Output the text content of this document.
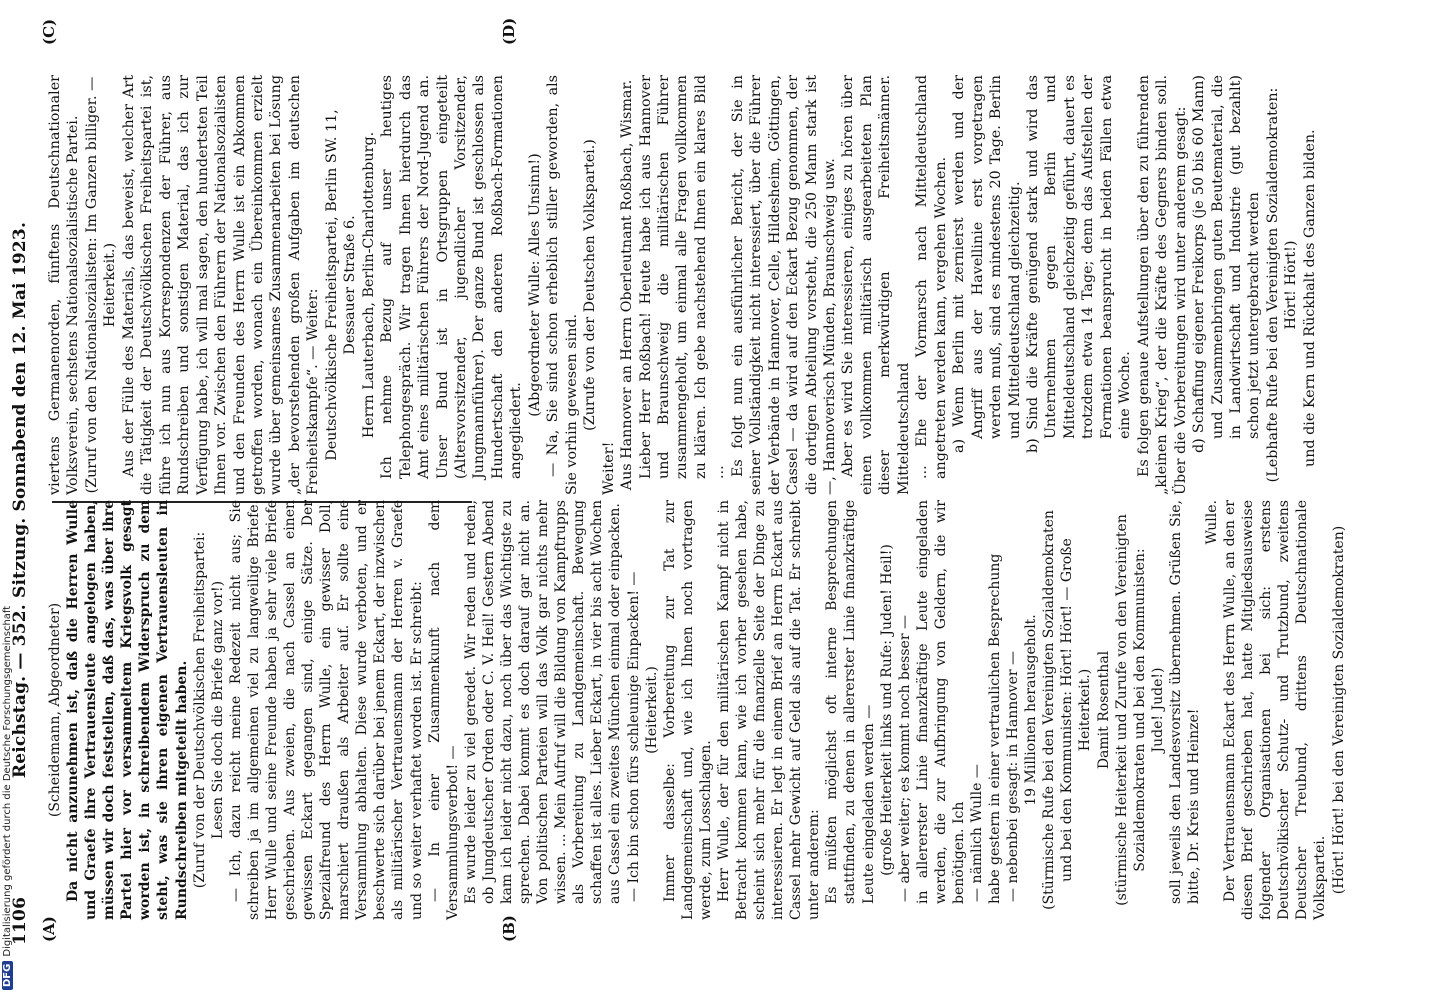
1106
Reichstag. — 352. Sitzung. Sonnabend den 12. Mai 1923.
(A)	(B)
(C)	(D)

(Scheidemann, Abgeordneter) Da nicht anzunehmen ist, daß die Herren Wulle und Graefe ihre Vertrauensleute angelogen haben, müssen wir doch feststellen, daß das, was über ihre Partei hier vor versammeltem Kriegsvolk gesagt worden ist, in schreibendem Widerspruch zu dem steht, was sie ihren eigenen Vertrauensleuten in Rundschreiben mitgeteilt haben. (Zuruf von der Deutschvölkischen Freiheitspartei: Lesen Sie doch die Briefe ganz vor!) — Ich, dazu reicht meine Redezeit nicht aus; Sie schreiben ja im allgemeinen viel zu langweilige Briefe. Herr Wulle und seine Freunde haben ja sehr viele Briefe geschrieben. Aus zweien, die nach Cassel an einen gewissen Eckart gegangen sind, einige Sätze. Der Spezialfreund des Herrn Wulle, ein gewisser Doll, marschiert draußen als Arbeiter auf. Er sollte eine Versammlung abhalten. Diese wurde verboten, und er beschwerte sich darüber bei jenem Eckart, der inzwischen als militärischer Vertrauensmann der Herren v. Graefe und so weiter verhaftet worden ist. Er schreibt: — In einer Zusammenkunft nach dem Versammlungsverbot! — Es wurde leider zu viel geredet. Wir reden und reden, ob Jungdeutscher Orden oder C. V. Heil! Gestern Abend kam ich leider nicht dazu, noch über das Wichtigste zu sprechen. Dabei kommt es doch darauf gar nicht an. Von politischen Parteien will das Volk gar nichts mehr wissen. ... Mein Aufruf will die Bildung von Kampftrupps als Vorbereitung zu Landgemeinschaft. Bewegung schaffen ist alles. Lieber Eckart, in vier bis acht Wochen aus Cassel ein zweites München einmal oder einpacken. — Ich bin schon fürs schleunige Einpacken! — (Heiterkeit.) Immer dasselbe: Vorbereitung zur Tat zur Landgemeinschaft und, wie ich Ihnen noch vortragen werde, zum Losschlagen. Herr Wulle, der für den militärischen Kampf nicht in Betracht kommen kann, wie ich vorher gesehen habe, scheint sich mehr für die finanzielle Seite der Dinge zu interessieren. Er legt in einem Brief an Herrn Eckart aus Cassel mehr Gewicht auf Geld als auf die Tat. Er schreibt unter anderem: Es müßten möglichst oft interne Besprechungen stattfinden, zu denen in allererster Linie finanzkräftige Leute eingeladen werden — (große Heiterkeit links und Rufe: Juden! Heil!) — aber weiter; es kommt noch besser — in allererster Linie finanzkräftige Leute eingeladen werden, die zur Aufbringung von Geldern, die wir benötigen. Ich — nämlich Wulle — habe gestern in einer vertraulichen Besprechung — nebenbei gesagt: in Hannover — 19 Millionen herausgeholt. (Stürmische Rufe bei den Vereinigten Sozialdemokraten und bei den Kommunisten: Hört! Hört! — Große Heiterkeit.) Damit Rosenthal (stürmische Heiterkeit und Zurufe von den Vereinigten Sozialdemokraten und bei den Kommunisten: Jude! Jude!) soll jeweils den Landesvorsitz übernehmen. Grüßen Sie, bitte, Dr. Kreis und Heinze!

Wulle. Der Vertrauensmann Eckart des Herrn Wulle, an den er diesen Brief geschrieben hat, hatte Mitgliedsausweise folgender Organisationen bei sich: erstens Deutschvölkischer Schutz- und Trutzbund, zweitens Deutscher Treubund, drittens Deutschnationale Volkspartei. (Hört! Hört! bei den Vereinigten Sozialdemokraten)

viertens Germanenorden, fünftens Deutschnationaler Volksverein, sechstens Nationalsozialistische Partei. (Zuruf von den Nationalsozialisten: Im Ganzen billiger. — Heiterkeit.) Aus der Fülle des Materials, das beweist, welcher Art die Tätigkeit der Deutschvölkischen Freiheitspartei ist, führe ich nun aus Korrespondenzen der Führer, aus Rundschreiben und sonstigen Material, das ich zur Verfügung habe, ich will mal sagen, den hundertsten Teil Ihnen vor. Zwischen den Führern der Nationalsozialisten und den Freunden des Herrn Wulle ist ein Abkommen getroffen worden, wonach ein Übereinkommen erzielt wurde über gemeinsames Zusammenarbeiten bei Lösung „der bevorstehenden großen Aufgaben im deutschen Freiheitskampfe“. — Weiter: Deutschvölkische Freiheitspartei, Berlin SW. 11, Dessauer Straße 6. Herrn Lauterbach, Berlin-Charlottenburg. Ich nehme Bezug auf unser heutiges Telephongespräch. Wir tragen Ihnen hierdurch das Amt eines militärischen Führers der Nord-Jugend an. Unser Bund ist in Ortsgruppen eingeteilt (Altersvorsitzender, jugendlicher Vorsitzender, Jungmannführer). Der ganze Bund ist geschlossen als Hundertschaft den anderen Roßbach-Formationen angegliedert.

(Abgeordneter Wulle: Alles Unsinn!) — Na, Sie sind schon erheblich stiller geworden, als Sie vorhin gewesen sind. (Zurufe von der Deutschen Volkspartei.)

Weiter! Aus Hannover an Herrn Oberleutnant Roßbach, Wismar. Lieber Herr Roßbach! Heute habe ich aus Hannover und Braunschweig die militärischen Führer zusammengeholt, um einmal alle Fragen vollkommen zu klären. Ich gebe nachstehend Ihnen ein klares Bild ... Es folgt nun ein ausführlicher Bericht, der Sie in seiner Vollständigkeit nicht interessiert, über die Führer der Verbände in Hannover, Celle, Hildesheim, Göttingen, Cassel — da wird auf den Eckart Bezug genommen, der die dortigen Abteilung vorsteht, die 250 Mann stark ist —, Hannoverisch Münden, Braunschweig usw. Aber es wird Sie interessieren, einiges zu hören über einen vollkommen militärisch ausgearbeiteten Plan dieser merkwürdigen Freiheitsmänner. Mitteldeutschland ... Ehe der Vormarsch nach Mitteldeutschland angetreten werden kann, vergehen Wochen. a) Wenn Berlin mit zernierst werden und der Angriff aus der Havellinie erst vorgetragen werden muß, sind es mindestens 20 Tage. Berlin und Mitteldeutschland gleichzeitig. b) Sind die Kräfte genügend stark und wird das Unternehmen gegen Berlin und Mitteldeutschland gleichzeitig geführt, dauert es trotzdem etwa 14 Tage; denn das Aufstellen der Formationen beansprucht in beiden Fällen etwa eine Woche. Es folgen genaue Aufstellungen über den zu führenden „kleinen Krieg“, der die Kräfte des Gegners binden soll. Über die Vorbereitungen wird unter anderem gesagt: d) Schaffung eigener Freikorps (je 50 bis 60 Mann) und Zusammenbringen guten Beutematerial, die in Landwirtschaft und Industrie (gut bezahlt) schon jetzt untergebracht werden (Lebhafte Rufe bei den Vereinigten Sozialdemokraten: Hört! Hört!) und die Kern und Rückhalt des Ganzen bilden.

DFGDigitalisierung gefördert durch die Deutsche Forschungsgemeinschaft
